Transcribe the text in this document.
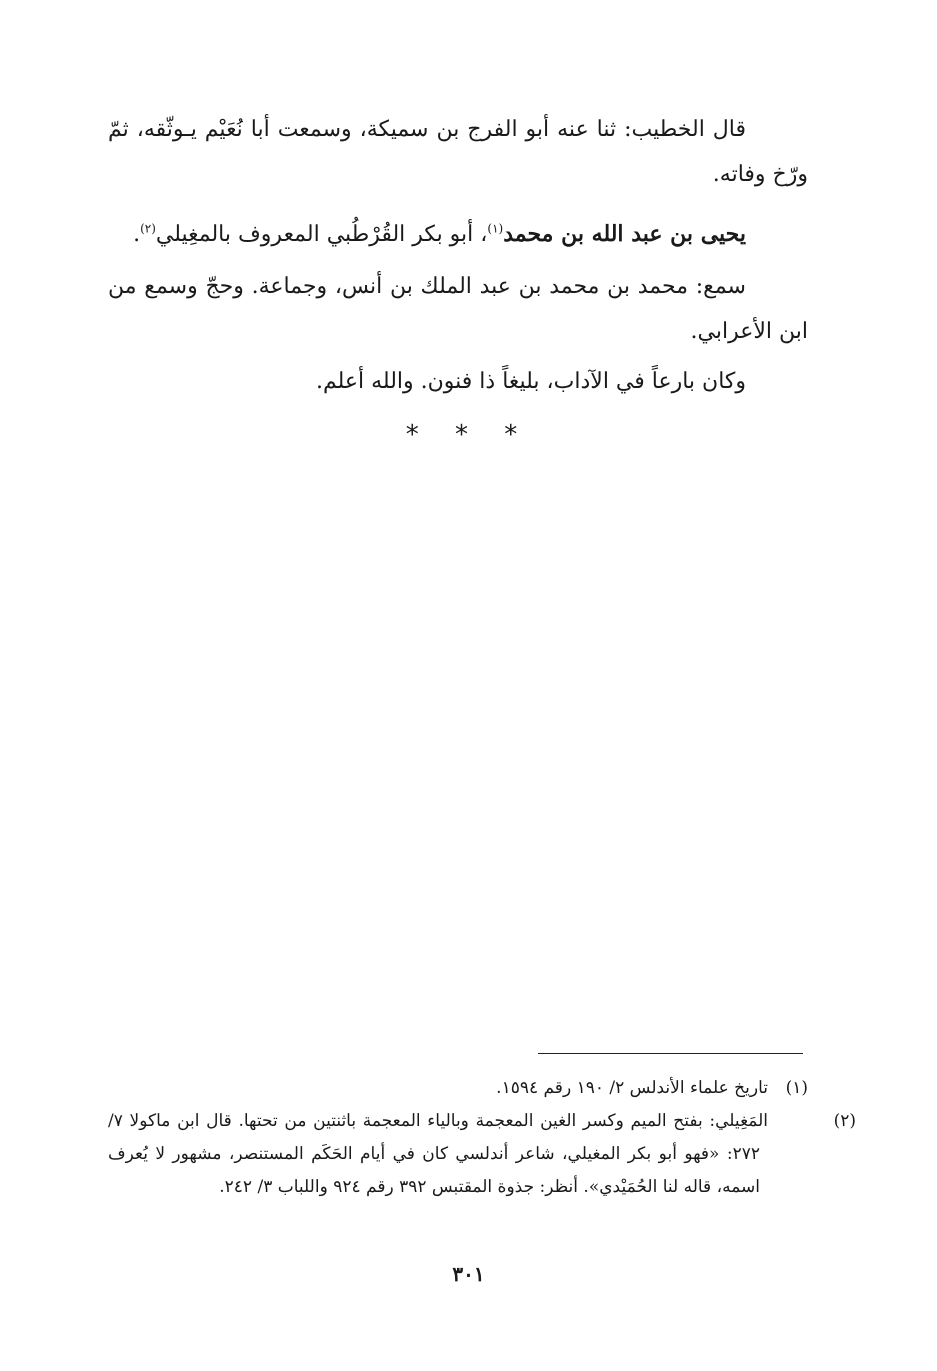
قال الخطيب: ثنا عنه أبو الفرج بن سميكة، وسمعت أبا نُعَيْم يـوثّقه، ثمّ ورّخ وفاته.

يحيى بن عبد الله بن محمد$^{(١)}$، أبو بكر القُرْطُبي المعروف بالمغِيلي$^{(٢)}$.

سمع: محمد بن محمد بن عبد الملك بن أنس، وجماعة. وحجّ وسمع من ابن الأعرابي.

وكان بارعاً في الآداب، بليغاً ذا فنون. والله أعلم.

* * *

(١)تاريخ علماء الأندلس ٢/ ١٩٠ رقم ١٥٩٤.

(٢)المَغِيلي: بفتح الميم وكسر الغين المعجمة وبالياء المعجمة باثنتين من تحتها. قال ابن ماكولا ٧/ ٢٧٢: «فهو أبو بكر المغيلي، شاعر أندلسي كان في أيام الحَكَم المستنصر، مشهور لا يُعرف اسمه، قاله لنا الحُمَيْدي». أنظر: جذوة المقتبس ٣٩٢ رقم ٩٢٤ واللباب ٣/ ٢٤٢.

٣٠١
